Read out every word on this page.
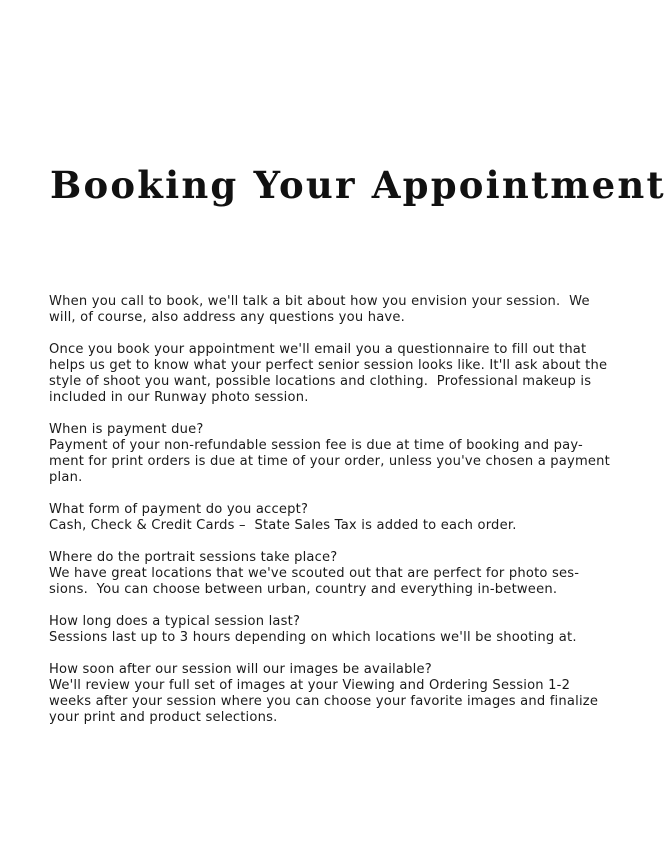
Booking Your Appointment

When you call to book, we'll talk a bit about how you envision your session.  We
will, of course, also address any questions you have.

Once you book your appointment we'll email you a questionnaire to fill out that
helps us get to know what your perfect senior session looks like. It'll ask about the
style of shoot you want, possible locations and clothing.  Professional makeup is
included in our Runway photo session.

When is payment due?
Payment of your non-refundable session fee is due at time of booking and pay-
ment for print orders is due at time of your order, unless you've chosen a payment
plan.

What form of payment do you accept?
Cash, Check & Credit Cards –  State Sales Tax is added to each order.

Where do the portrait sessions take place?
We have great locations that we've scouted out that are perfect for photo ses-
sions.  You can choose between urban, country and everything in-between.

How long does a typical session last?
Sessions last up to 3 hours depending on which locations we'll be shooting at.

How soon after our session will our images be available?
We'll review your full set of images at your Viewing and Ordering Session 1-2
weeks after your session where you can choose your favorite images and finalize
your print and product selections.
